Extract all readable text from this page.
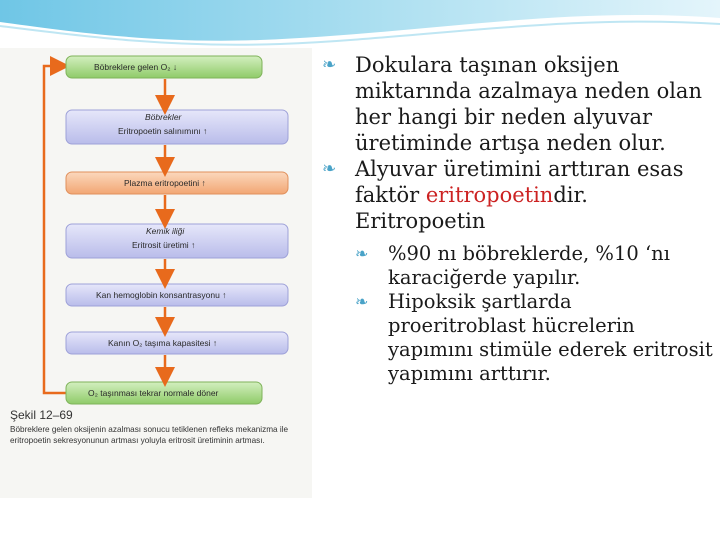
Böbreklere gelen O₂ ↓
Böbrekler
Eritropoetin salınımını ↑
Plazma eritropoetini ↑
Kemik iliği
Eritrosit üretimi ↑
Kan hemoglobin konsantrasyonu ↑
Kanın O₂ taşıma kapasitesi ↑
O₂ taşınması tekrar normale döner
Şekil 12–69
Böbreklere gelen oksijenin azalması sonucu tetiklenen refleks mekanizma ile eritropoetin sekresyonunun artması yoluyla eritrosit üretiminin artması.
❧ Dokulara taşınan oksijen miktarında azalmaya neden olan her hangi bir neden alyuvar üretiminde artışa neden olur.
❧ Alyuvar üretimini arttıran esas faktör eritropoetindir. Eritropoetin
❧ %90 nı böbreklerde, %10 ‘nı karaciğerde yapılır.
❧ Hipoksik şartlarda proeritroblast hücrelerin yapımını stimüle ederek eritrosit yapımını arttırır.
